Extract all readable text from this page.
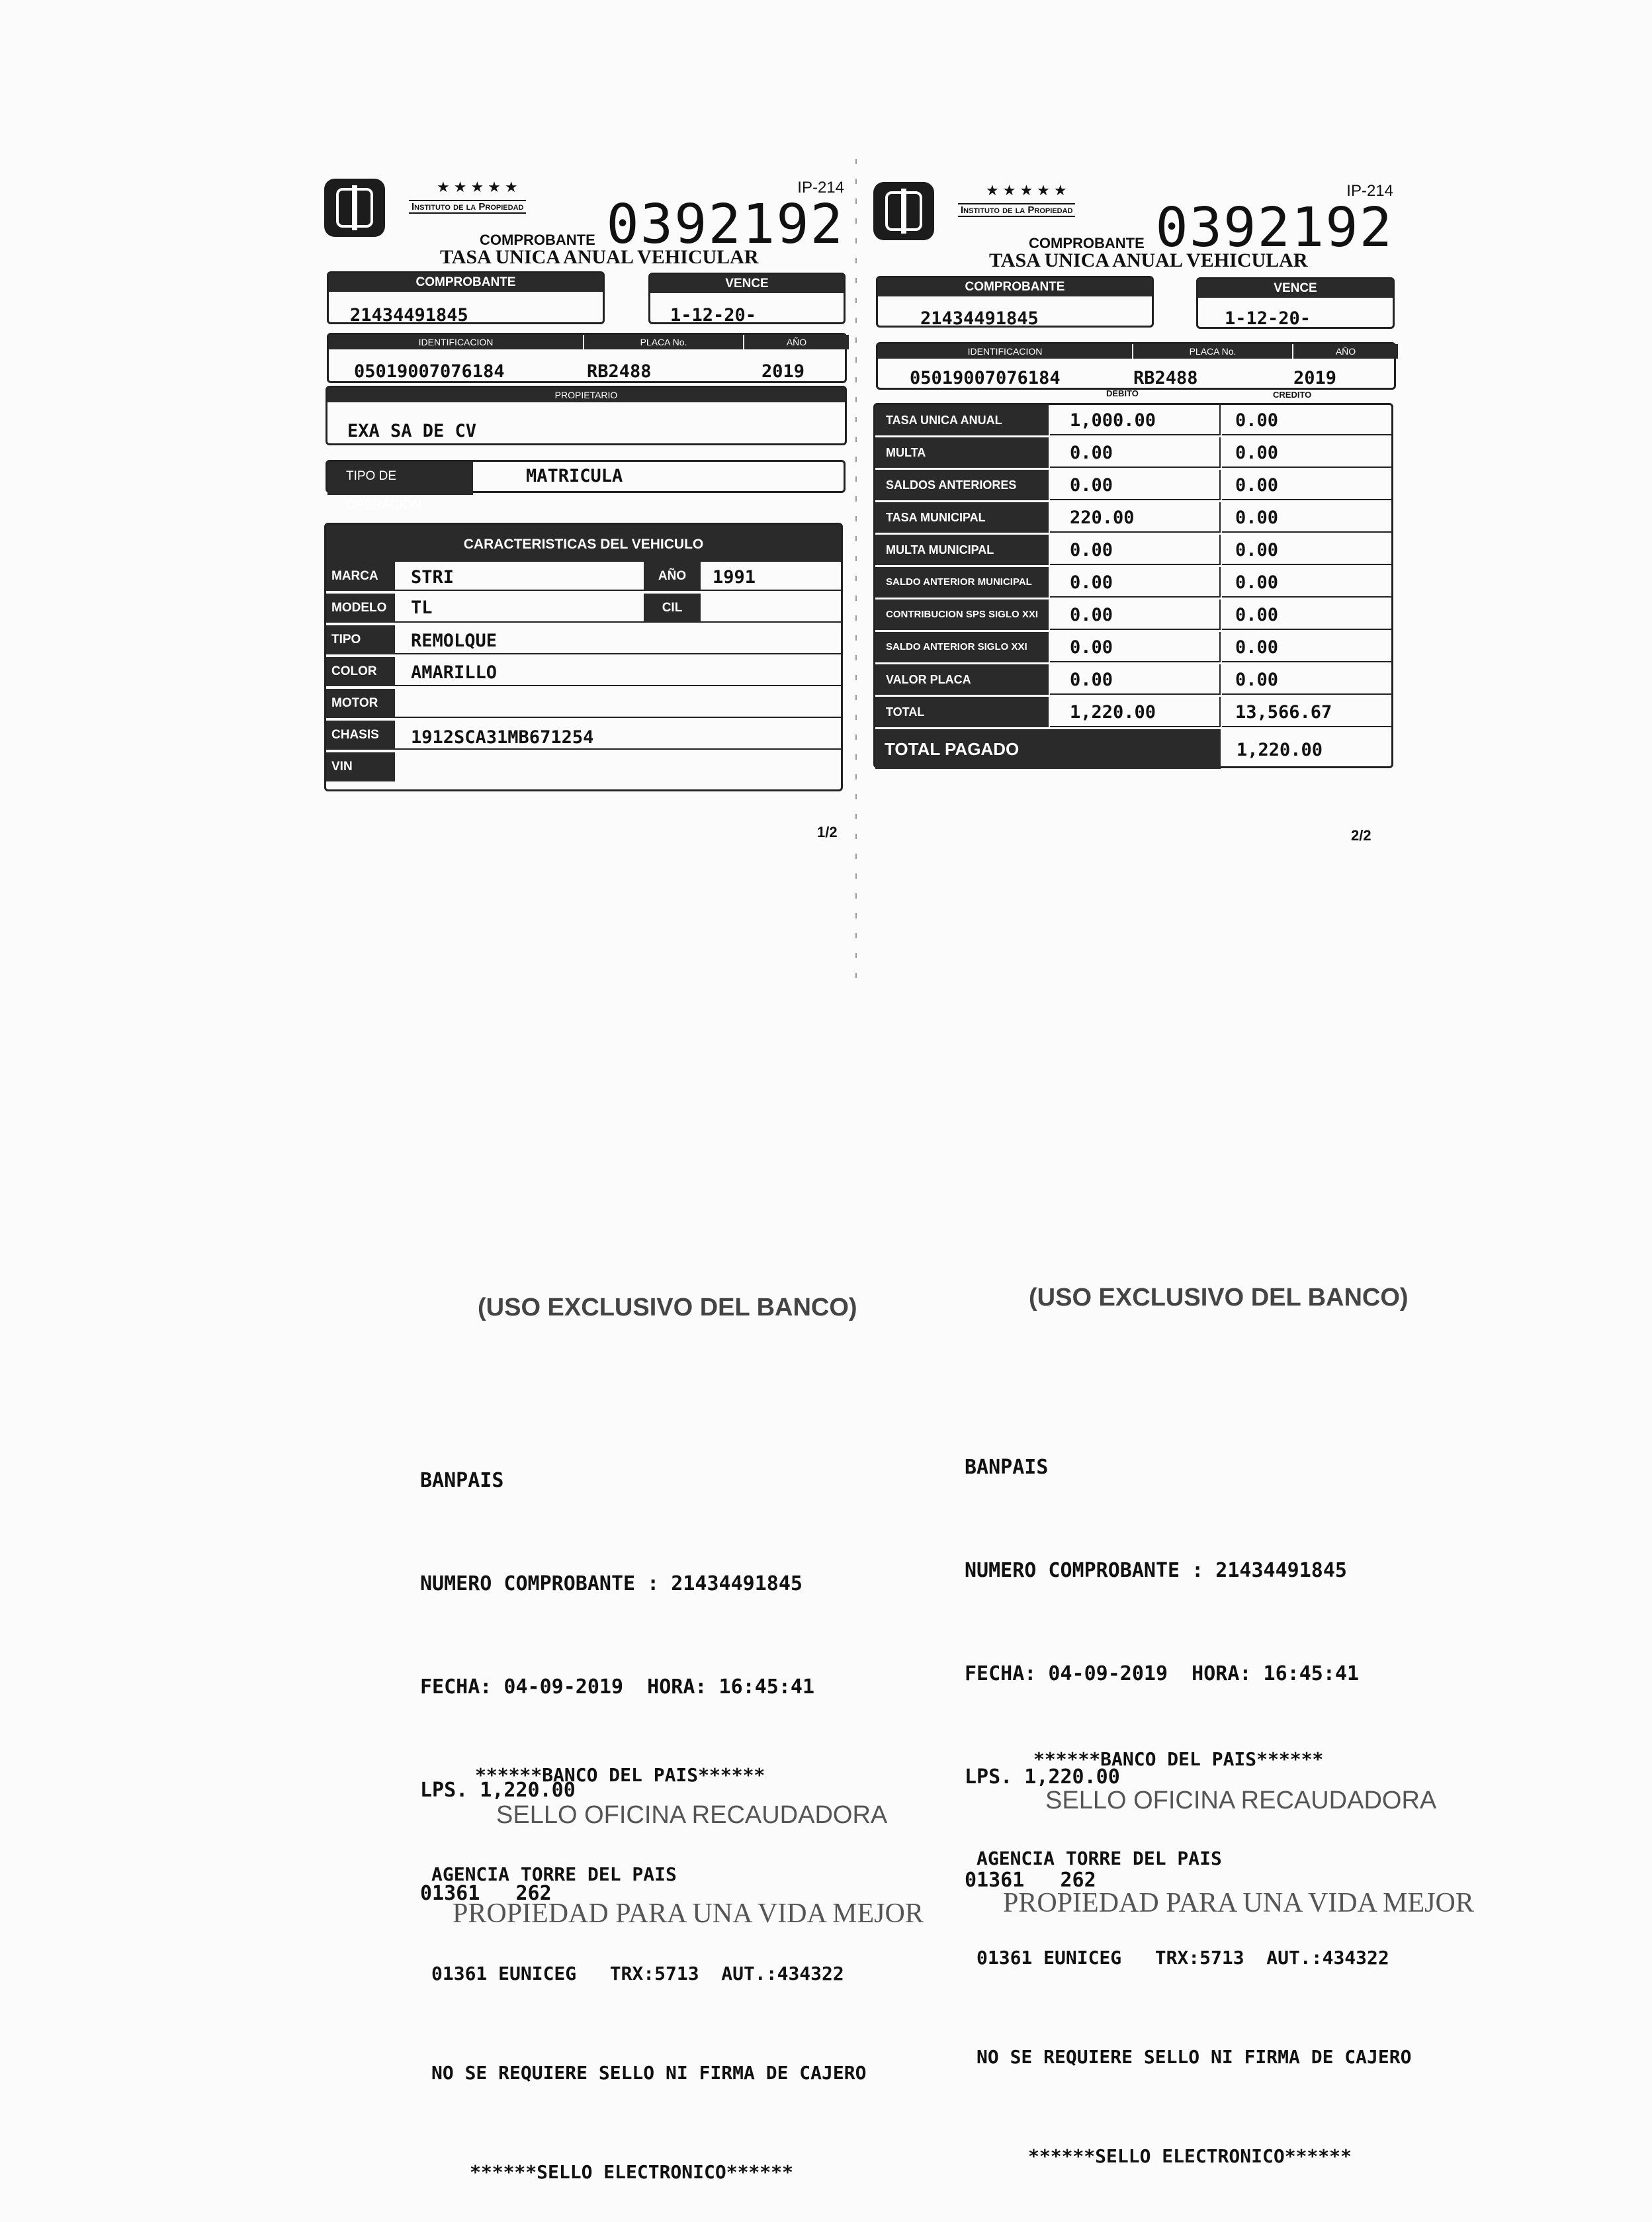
★★★★★
Instituto de la Propiedad
IP-214
0392192
COMPROBANTE
TASA UNICA ANUAL VEHICULAR
COMPROBANTE
21434491845
VENCE
1-12-20-
IDENTIFICACION	PLACA No.	AÑO
05019007076184	RB2488	2019
PROPIETARIO
EXA SA DE CV
TIPO DE OPERACIÓN
MATRICULA
CARACTERISTICAS DEL VEHICULO
MARCA	STRI	AÑO	1991
MODELO	TL	CIL
TIPO	REMOLQUE
COLOR	AMARILLO
MOTOR
CHASIS	1912SCA31MB671254
VIN
1/2
★★★★★
Instituto de la Propiedad
IP-214
0392192
COMPROBANTE
TASA UNICA ANUAL VEHICULAR
COMPROBANTE
21434491845
VENCE
1-12-20-
IDENTIFICACION	PLACA No.	AÑO
05019007076184	RB2488	2019
DEBITO	CREDITO
TASA UNICA ANUAL	1,000.00	0.00
MULTA	0.00	0.00
SALDOS ANTERIORES	0.00	0.00
TASA MUNICIPAL	220.00	0.00
MULTA MUNICIPAL	0.00	0.00
SALDO ANTERIOR MUNICIPAL	0.00	0.00
CONTRIBUCION SPS SIGLO XXI	0.00	0.00
SALDO ANTERIOR SIGLO XXI	0.00	0.00
VALOR PLACA	0.00	0.00
TOTAL	1,220.00	13,566.67
TOTAL PAGADO	1,220.00
2/2
(USO EXCLUSIVO DEL BANCO)

BANPAIS

NUMERO COMPROBANTE : 21434491845

FECHA: 04-09-2019  HORA: 16:45:41

LPS. 1,220.00

01361   262

******BANCO DEL PAIS******

AGENCIA TORRE DEL PAIS

01361 EUNICEG   TRX:5713  AUT.:434322

NO SE REQUIERE SELLO NI FIRMA DE CAJERO

******SELLO ELECTRONICO******

SELLO OFICINA RECAUDADORA
PROPIEDAD PARA UNA VIDA MEJOR
(USO EXCLUSIVO DEL BANCO)

BANPAIS

NUMERO COMPROBANTE : 21434491845

FECHA: 04-09-2019  HORA: 16:45:41

LPS. 1,220.00

01361   262

******BANCO DEL PAIS******

AGENCIA TORRE DEL PAIS

01361 EUNICEG   TRX:5713  AUT.:434322

NO SE REQUIERE SELLO NI FIRMA DE CAJERO

******SELLO ELECTRONICO******

SELLO OFICINA RECAUDADORA
PROPIEDAD PARA UNA VIDA MEJOR
